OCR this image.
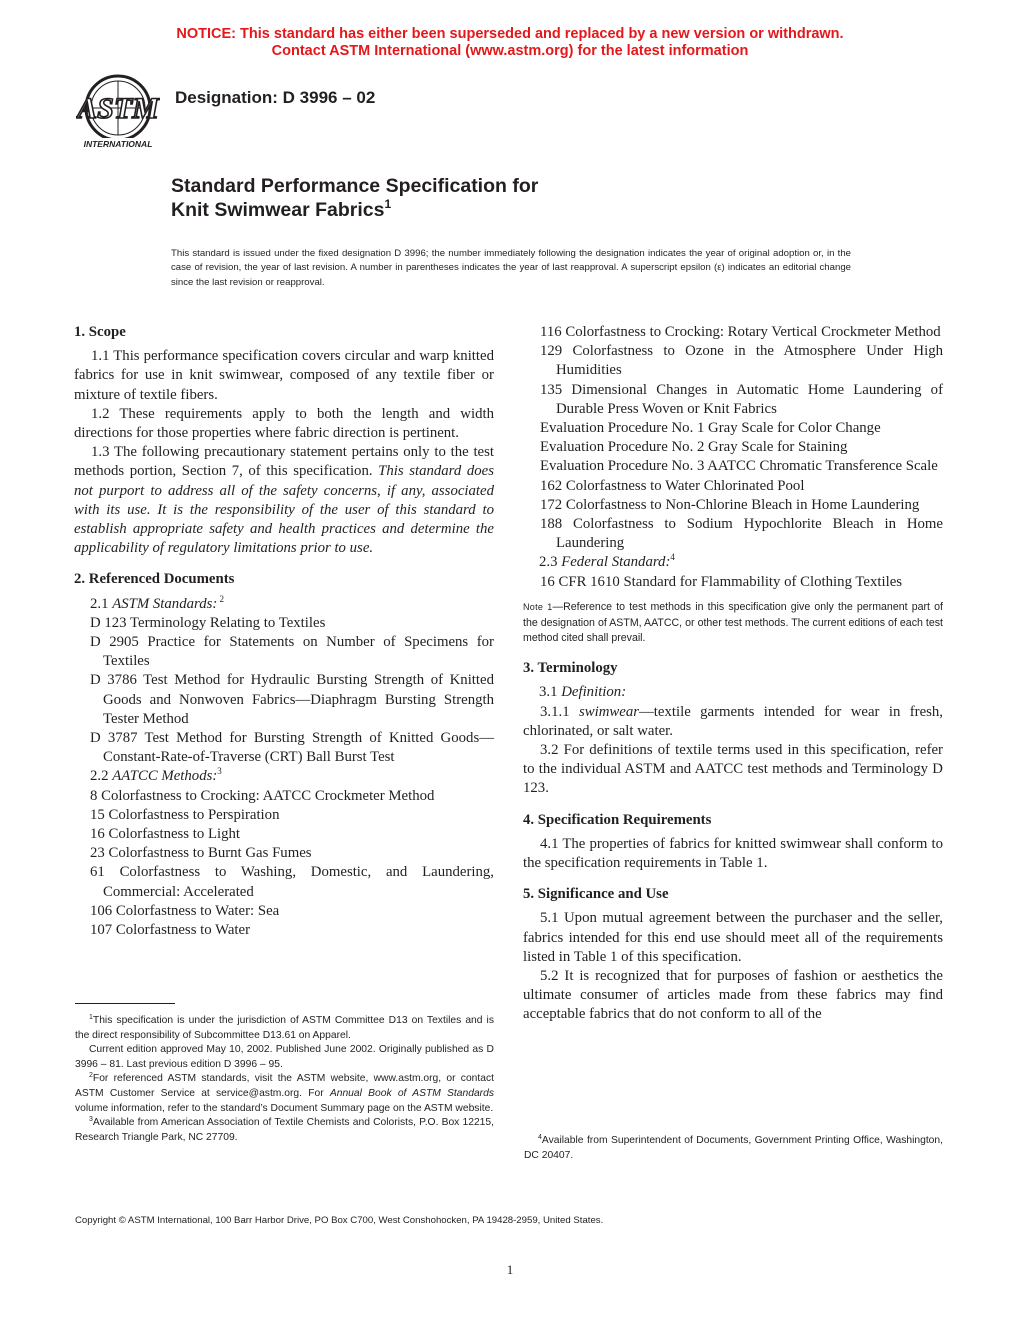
NOTICE: This standard has either been superseded and replaced by a new version or withdrawn.
Contact ASTM International (www.astm.org) for the latest information
ASTM
INTERNATIONAL
Designation: D 3996 – 02
Standard Performance Specification for
Knit Swimwear Fabrics$^1$
This standard is issued under the fixed designation D 3996; the number immediately following the designation indicates the year of original adoption or, in the case of revision, the year of last revision. A number in parentheses indicates the year of last reapproval. A superscript epsilon (ε) indicates an editorial change since the last revision or reapproval.
1. Scope

1.1 This performance specification covers circular and warp knitted fabrics for use in knit swimwear, composed of any textile fiber or mixture of textile fibers.

1.2 These requirements apply to both the length and width directions for those properties where fabric direction is pertinent.

1.3 The following precautionary statement pertains only to the test methods portion, Section 7, of this specification. This standard does not purport to address all of the safety concerns, if any, associated with its use. It is the responsibility of the user of this standard to establish appropriate safety and health practices and determine the applicability of regulatory limitations prior to use.

2. Referenced Documents

2.1 ASTM Standards: $^2$

D 123 Terminology Relating to Textiles

D 2905 Practice for Statements on Number of Specimens for Textiles

D 3786 Test Method for Hydraulic Bursting Strength of Knitted Goods and Nonwoven Fabrics—Diaphragm Bursting Strength Tester Method

D 3787 Test Method for Bursting Strength of Knitted Goods—Constant-Rate-of-Traverse (CRT) Ball Burst Test

2.2 AATCC Methods:$^3$

8 Colorfastness to Crocking: AATCC Crockmeter Method

15 Colorfastness to Perspiration

16 Colorfastness to Light

23 Colorfastness to Burnt Gas Fumes

61 Colorfastness to Washing, Domestic, and Laundering, Commercial: Accelerated

106 Colorfastness to Water: Sea

107 Colorfastness to Water

116 Colorfastness to Crocking: Rotary Vertical Crockmeter Method

129 Colorfastness to Ozone in the Atmosphere Under High Humidities

135 Dimensional Changes in Automatic Home Laundering of Durable Press Woven or Knit Fabrics

Evaluation Procedure No. 1 Gray Scale for Color Change

Evaluation Procedure No. 2 Gray Scale for Staining

Evaluation Procedure No. 3 AATCC Chromatic Transference Scale

162 Colorfastness to Water Chlorinated Pool

172 Colorfastness to Non-Chlorine Bleach in Home Laundering

188 Colorfastness to Sodium Hypochlorite Bleach in Home Laundering

2.3 Federal Standard:$^4$

16 CFR 1610 Standard for Flammability of Clothing Textiles

Note 1—Reference to test methods in this specification give only the permanent part of the designation of ASTM, AATCC, or other test methods. The current editions of each test method cited shall prevail.

3. Terminology

3.1 Definition:

3.1.1 swimwear—textile garments intended for wear in fresh, chlorinated, or salt water.

3.2 For definitions of textile terms used in this specification, refer to the individual ASTM and AATCC test methods and Terminology D 123.

4. Specification Requirements

4.1 The properties of fabrics for knitted swimwear shall conform to the specification requirements in Table 1.

5. Significance and Use

5.1 Upon mutual agreement between the purchaser and the seller, fabrics intended for this end use should meet all of the requirements listed in Table 1 of this specification.

5.2 It is recognized that for purposes of fashion or aesthetics the ultimate consumer of articles made from these fabrics may find acceptable fabrics that do not conform to all of the

$^1$This specification is under the jurisdiction of ASTM Committee D13 on Textiles and is the direct responsibility of Subcommittee D13.61 on Apparel.

Current edition approved May 10, 2002. Published June 2002. Originally published as D 3996 – 81. Last previous edition D 3996 – 95.

$^2$For referenced ASTM standards, visit the ASTM website, www.astm.org, or contact ASTM Customer Service at service@astm.org. For Annual Book of ASTM Standards volume information, refer to the standard’s Document Summary page on the ASTM website.

$^3$Available from American Association of Textile Chemists and Colorists, P.O. Box 12215, Research Triangle Park, NC 27709.	$^4$Available from Superintendent of Documents, Government Printing Office, Washington, DC 20407.

Copyright © ASTM International, 100 Barr Harbor Drive, PO Box C700, West Conshohocken, PA 19428-2959, United States.
1
